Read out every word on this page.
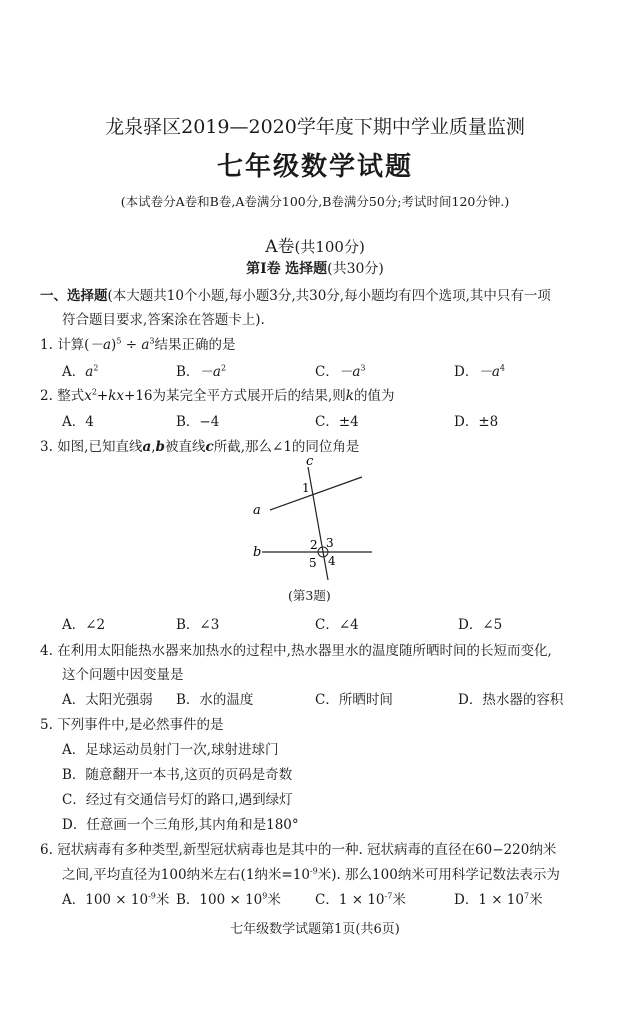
龙泉驿区2019—2020学年度下期中学业质量监测
七年级数学试题
(本试卷分A卷和B卷,A卷满分100分,B卷满分50分;考试时间120分钟.)
A卷(共100分)
第Ⅰ卷 选择题(共30分)
一、选择题(本大题共10个小题,每小题3分,共30分,每小题均有四个选项,其中只有一项
符合题目要求,答案涂在答题卡上).
1. 计算$(-a)^5 \div a^3$结果正确的是
A．$a^2$	B．$-a^2$	C．$-a^3$	D．$-a^4$
2. 整式$x^2+kx+16$为某完全平方式展开后的结果,则k的值为
A．4	B．−4	C．±4	D．±8
3. 如图,已知直线a,b被直线c所截,那么∠1的同位角是
c
a
b
1
2 3
4
5
(第3题)
A．∠2	B．∠3	C．∠4	D．∠5
4. 在利用太阳能热水器来加热水的过程中,热水器里水的温度随所晒时间的长短而变化,
这个问题中因变量是
A．太阳光强弱 B．水的温度	C．所晒时间	D．热水器的容积
5. 下列事件中,是必然事件的是
A．足球运动员射门一次,球射进球门
B．随意翻开一本书,这页的页码是奇数
C．经过有交通信号灯的路口,遇到绿灯
D．任意画一个三角形,其内角和是180°
6. 冠状病毒有多种类型,新型冠状病毒也是其中的一种. 冠状病毒的直径在60−220纳米
之间,平均直径为100纳米左右(1纳米$=10^{-9}$米). 那么100纳米可用科学记数法表示为
A．$100 \times 10^{-9}$米 B．$100 \times 10^9$米	C．$1 \times 10^{-7}$米	D．$1 \times 10^7$米
七年级数学试题第1页(共6页)
